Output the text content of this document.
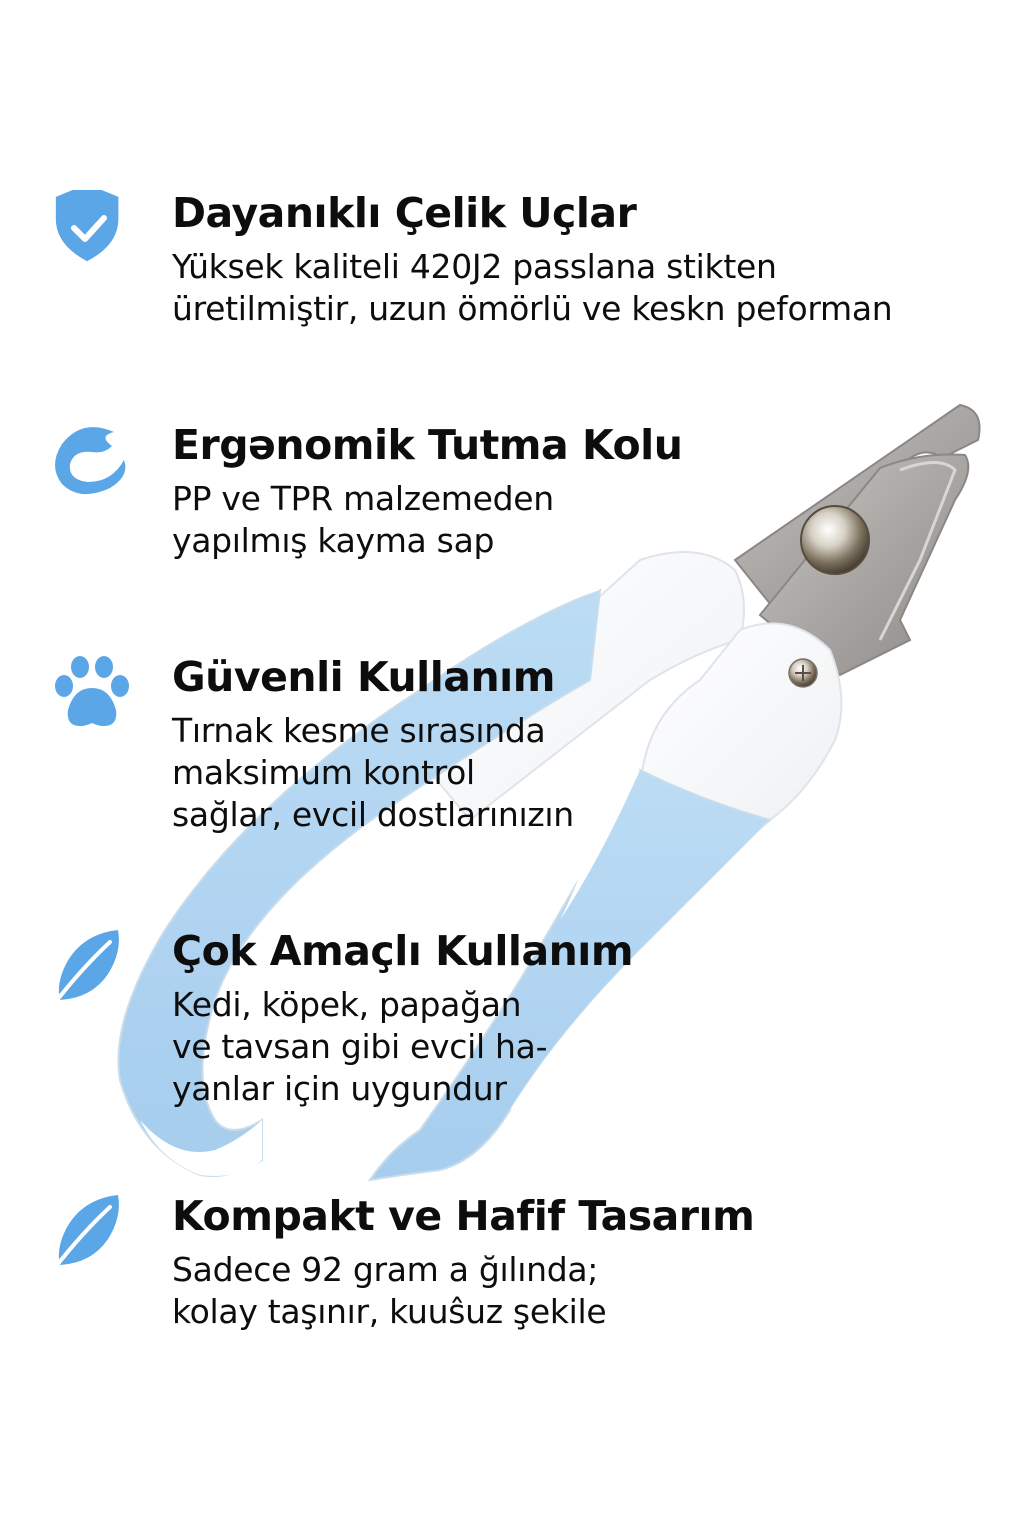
Dayanıklı Çelik Uçlar
Yüksek kaliteli 420J2 passlana stikten
üretilmiştir, uzun ömörlü ve keskn peforman
Ergənomik Tutma Kolu
PP ve TPR malzemeden
yapılmış kayma sap
Güvenli Kullanım
Tırnak kesme sırasında
maksimum kontrol
sağlar, evcil dostlarınızın
Çok Amaçlı Kullanım
Kedi, köpek, papağan
ve tavsan gibi evcil ha-
yanlar için uygundur
Kompakt ve Hafif Tasarım
Sadece 92 gram a ğılında;
kolay taşınır, kuuŝuz şekile
